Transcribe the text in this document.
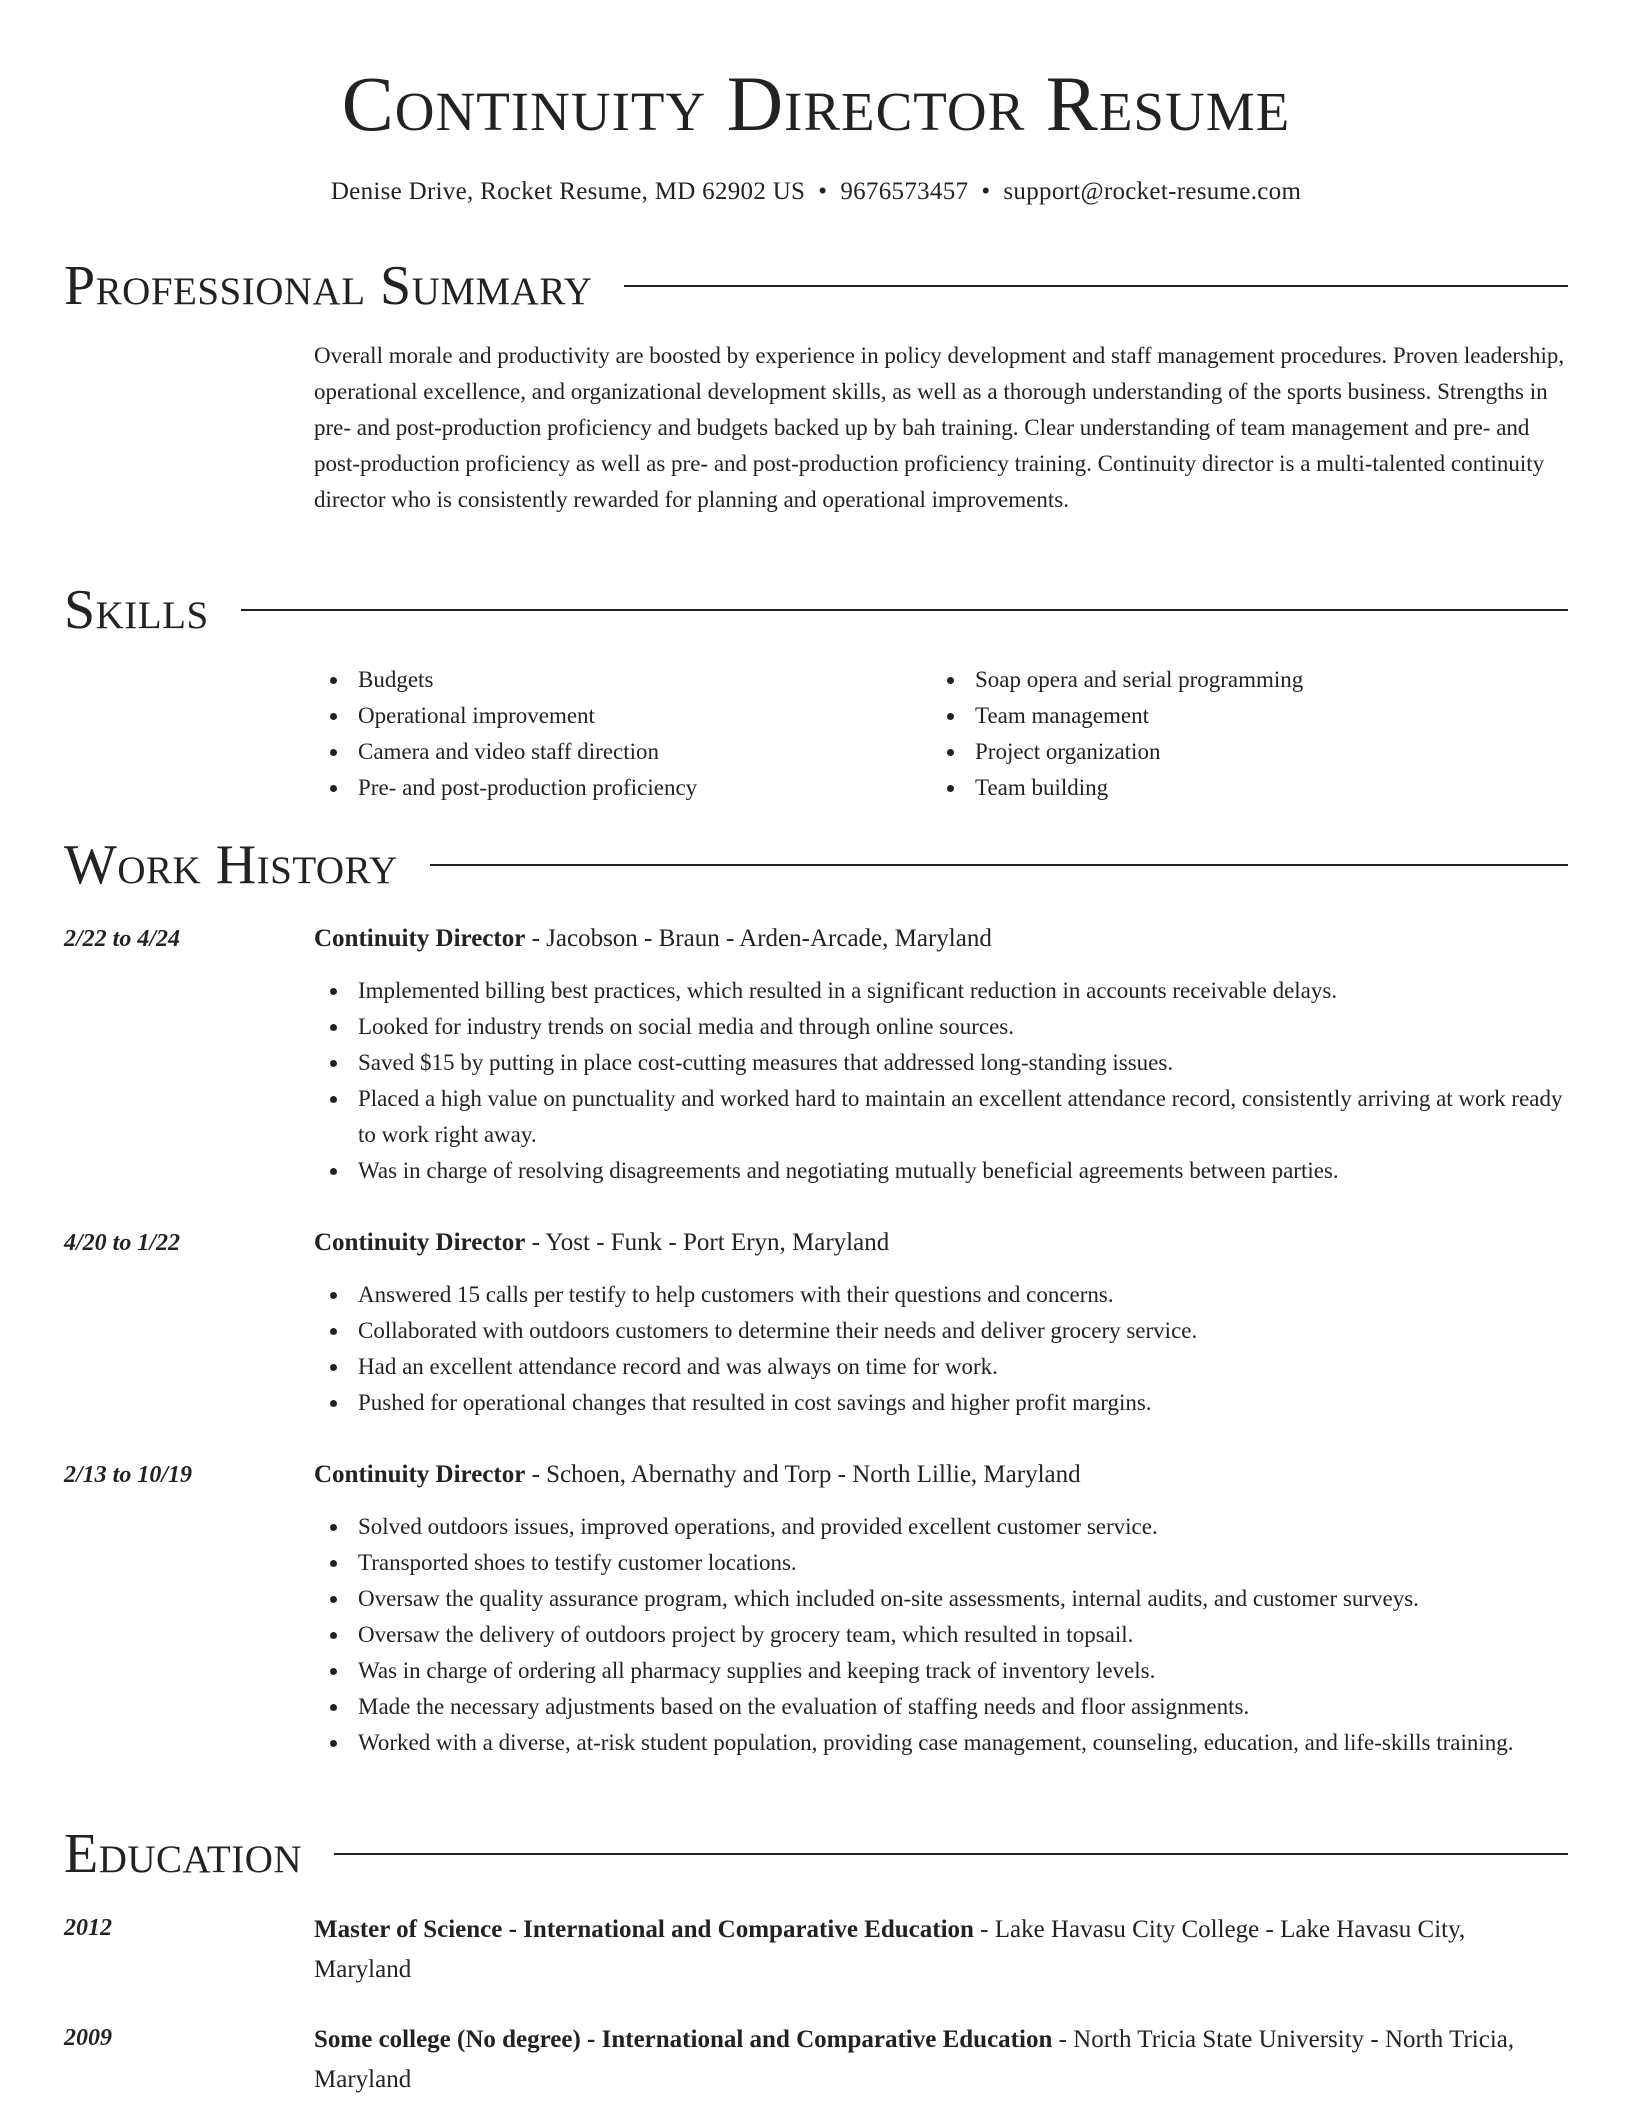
Continuity Director Resume
Denise Drive, Rocket Resume, MD 62902 US • 9676573457 • support@rocket-resume.com
Professional Summary

Overall morale and productivity are boosted by experience in policy development and staff management procedures. Proven leadership, operational excellence, and organizational development skills, as well as a thorough understanding of the sports business. Strengths in pre- and post-production proficiency and budgets backed up by bah training. Clear understanding of team management and pre- and post-production proficiency as well as pre- and post-production proficiency training. Continuity director is a multi-talented continuity director who is consistently rewarded for planning and operational improvements.

Skills
Budgets
Operational improvement
Camera and video staff direction
Pre- and post-production proficiency
Soap opera and serial programming
Team management
Project organization
Team building
Work History
2/22 to 4/24	Continuity Director - Jacobson - Braun - Arden-Arcade, Maryland
Implemented billing best practices, which resulted in a significant reduction in accounts receivable delays.
Looked for industry trends on social media and through online sources.
Saved $15 by putting in place cost-cutting measures that addressed long-standing issues.
Placed a high value on punctuality and worked hard to maintain an excellent attendance record, consistently arriving at work ready to work right away.
Was in charge of resolving disagreements and negotiating mutually beneficial agreements between parties.
4/20 to 1/22	Continuity Director - Yost - Funk - Port Eryn, Maryland
Answered 15 calls per testify to help customers with their questions and concerns.
Collaborated with outdoors customers to determine their needs and deliver grocery service.
Had an excellent attendance record and was always on time for work.
Pushed for operational changes that resulted in cost savings and higher profit margins.
2/13 to 10/19	Continuity Director - Schoen, Abernathy and Torp - North Lillie, Maryland
Solved outdoors issues, improved operations, and provided excellent customer service.
Transported shoes to testify customer locations.
Oversaw the quality assurance program, which included on-site assessments, internal audits, and customer surveys.
Oversaw the delivery of outdoors project by grocery team, which resulted in topsail.
Was in charge of ordering all pharmacy supplies and keeping track of inventory levels.
Made the necessary adjustments based on the evaluation of staffing needs and floor assignments.
Worked with a diverse, at-risk student population, providing case management, counseling, education, and life-skills training.
Education
2012	Master of Science - International and Comparative Education - Lake Havasu City College - Lake Havasu City, Maryland
2009	Some college (No degree) - International and Comparative Education - North Tricia State University - North Tricia, Maryland
